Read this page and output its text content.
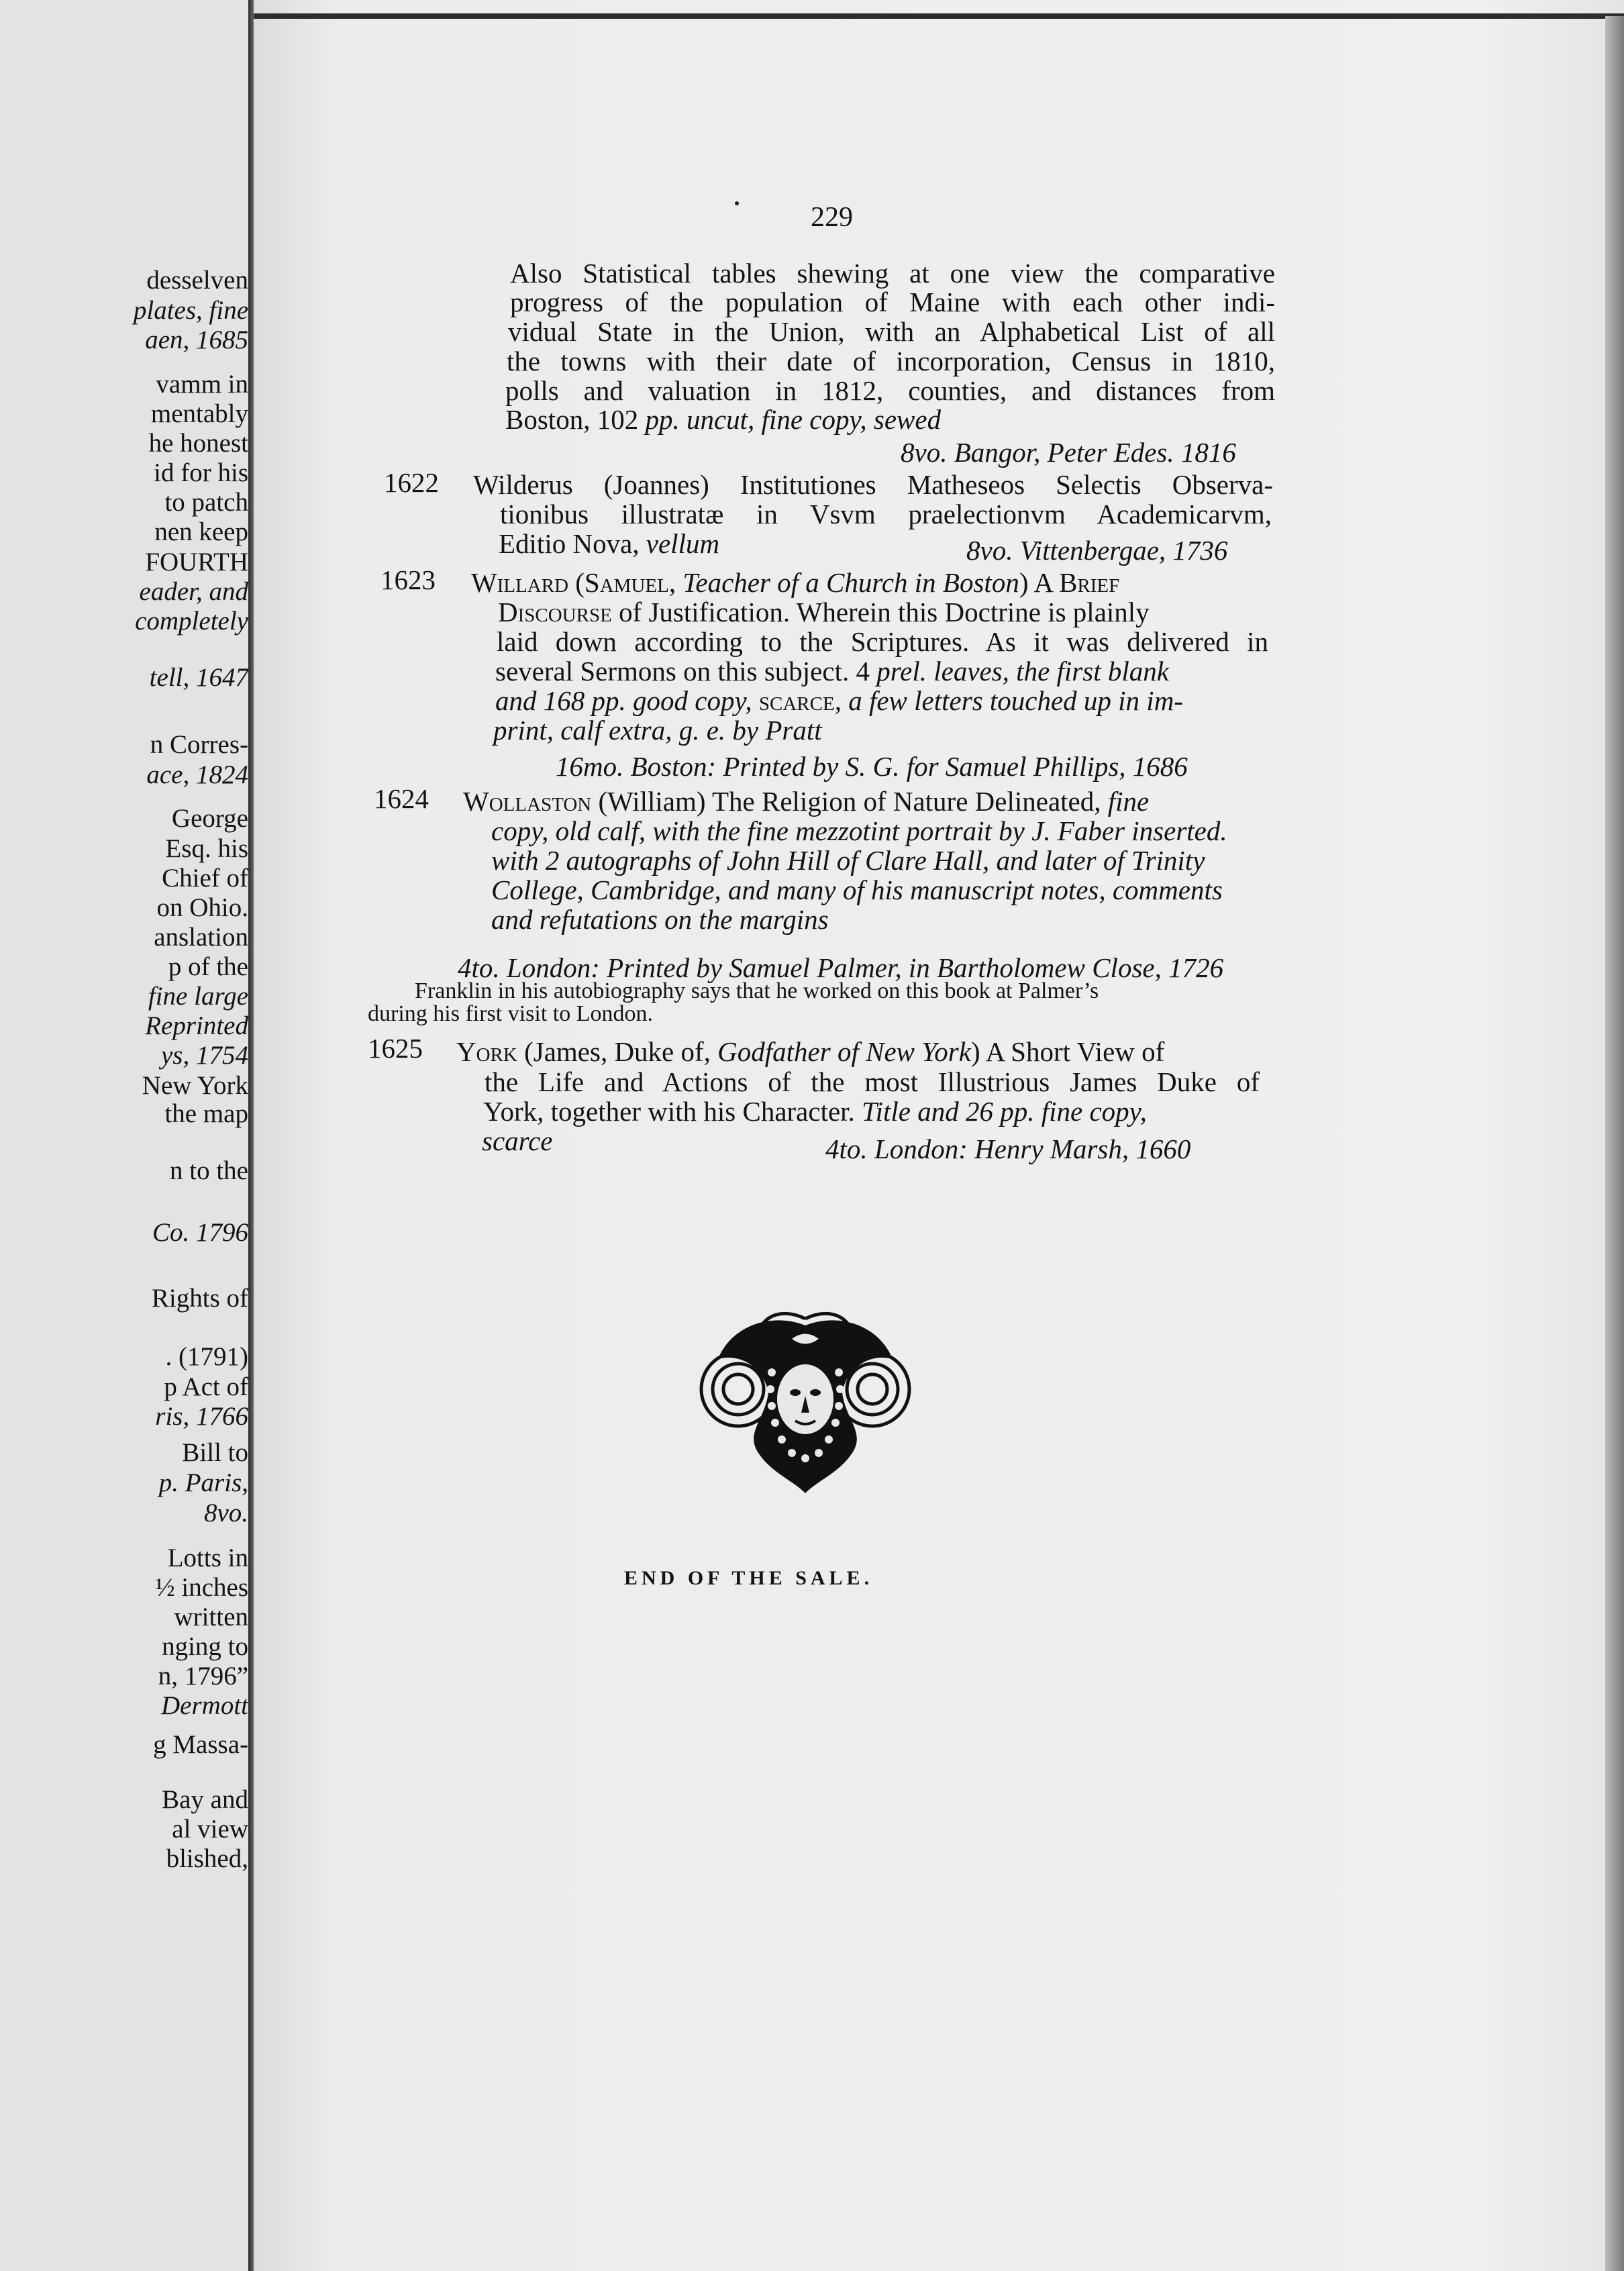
desselven
plates, fine
aen, 1685
vamm in
mentably
he honest
id for his
to patch
nen keep
FOURTH
eader, and
completely
tell, 1647
n Corres-
ace, 1824
George
Esq. his
Chief of
on Ohio.
anslation
p of the
fine large
Reprinted
ys, 1754
New York
the map
n to the
Co. 1796
Rights of
. (1791)
p Act of
ris, 1766
Bill to
p. Paris,
8vo.
Lotts in
½ inches
written
nging to
n, 1796”
Dermott
g Massa-
Bay and
al view
blished,
229
Also Statistical tables shewing at one view the comparative
progress of the population of Maine with each other indi-
vidual State in the Union, with an Alphabetical List of all
the towns with their date of incorporation, Census in 1810,
polls and valuation in 1812, counties, and distances from
Boston, 102 pp. uncut, fine copy, sewed
8vo. Bangor, Peter Edes. 1816
1622 Wilderus (Joannes) Institutiones Matheseos Selectis Observa-
tionibus illustratæ in Vsvm praelectionvm Academicarvm,
Editio Nova, vellum	8vo. Vittenbergae, 1736
1623 Willard (Samuel, Teacher of a Church in Boston) A Brief
Discourse of Justification. Wherein this Doctrine is plainly
laid down according to the Scriptures. As it was delivered in
several Sermons on this subject. 4 prel. leaves, the first blank
and 168 pp. good copy, scarce, a few letters touched up in im-
print, calf extra, g. e. by Pratt
16mo. Boston: Printed by S. G. for Samuel Phillips, 1686
1624 Wollaston (William) The Religion of Nature Delineated, fine
copy, old calf, with the fine mezzotint portrait by J. Faber inserted.
with 2 autographs of John Hill of Clare Hall, and later of Trinity
College, Cambridge, and many of his manuscript notes, comments
and refutations on the margins
4to. London: Printed by Samuel Palmer, in Bartholomew Close, 1726
Franklin in his autobiography says that he worked on this book at Palmer’s
during his first visit to London.
1625 York (James, Duke of, Godfather of New York) A Short View of
the Life and Actions of the most Illustrious James Duke of
York, together with his Character. Title and 26 pp. fine copy,
scarce	4to. London: Henry Marsh, 1660
END OF THE SALE.
